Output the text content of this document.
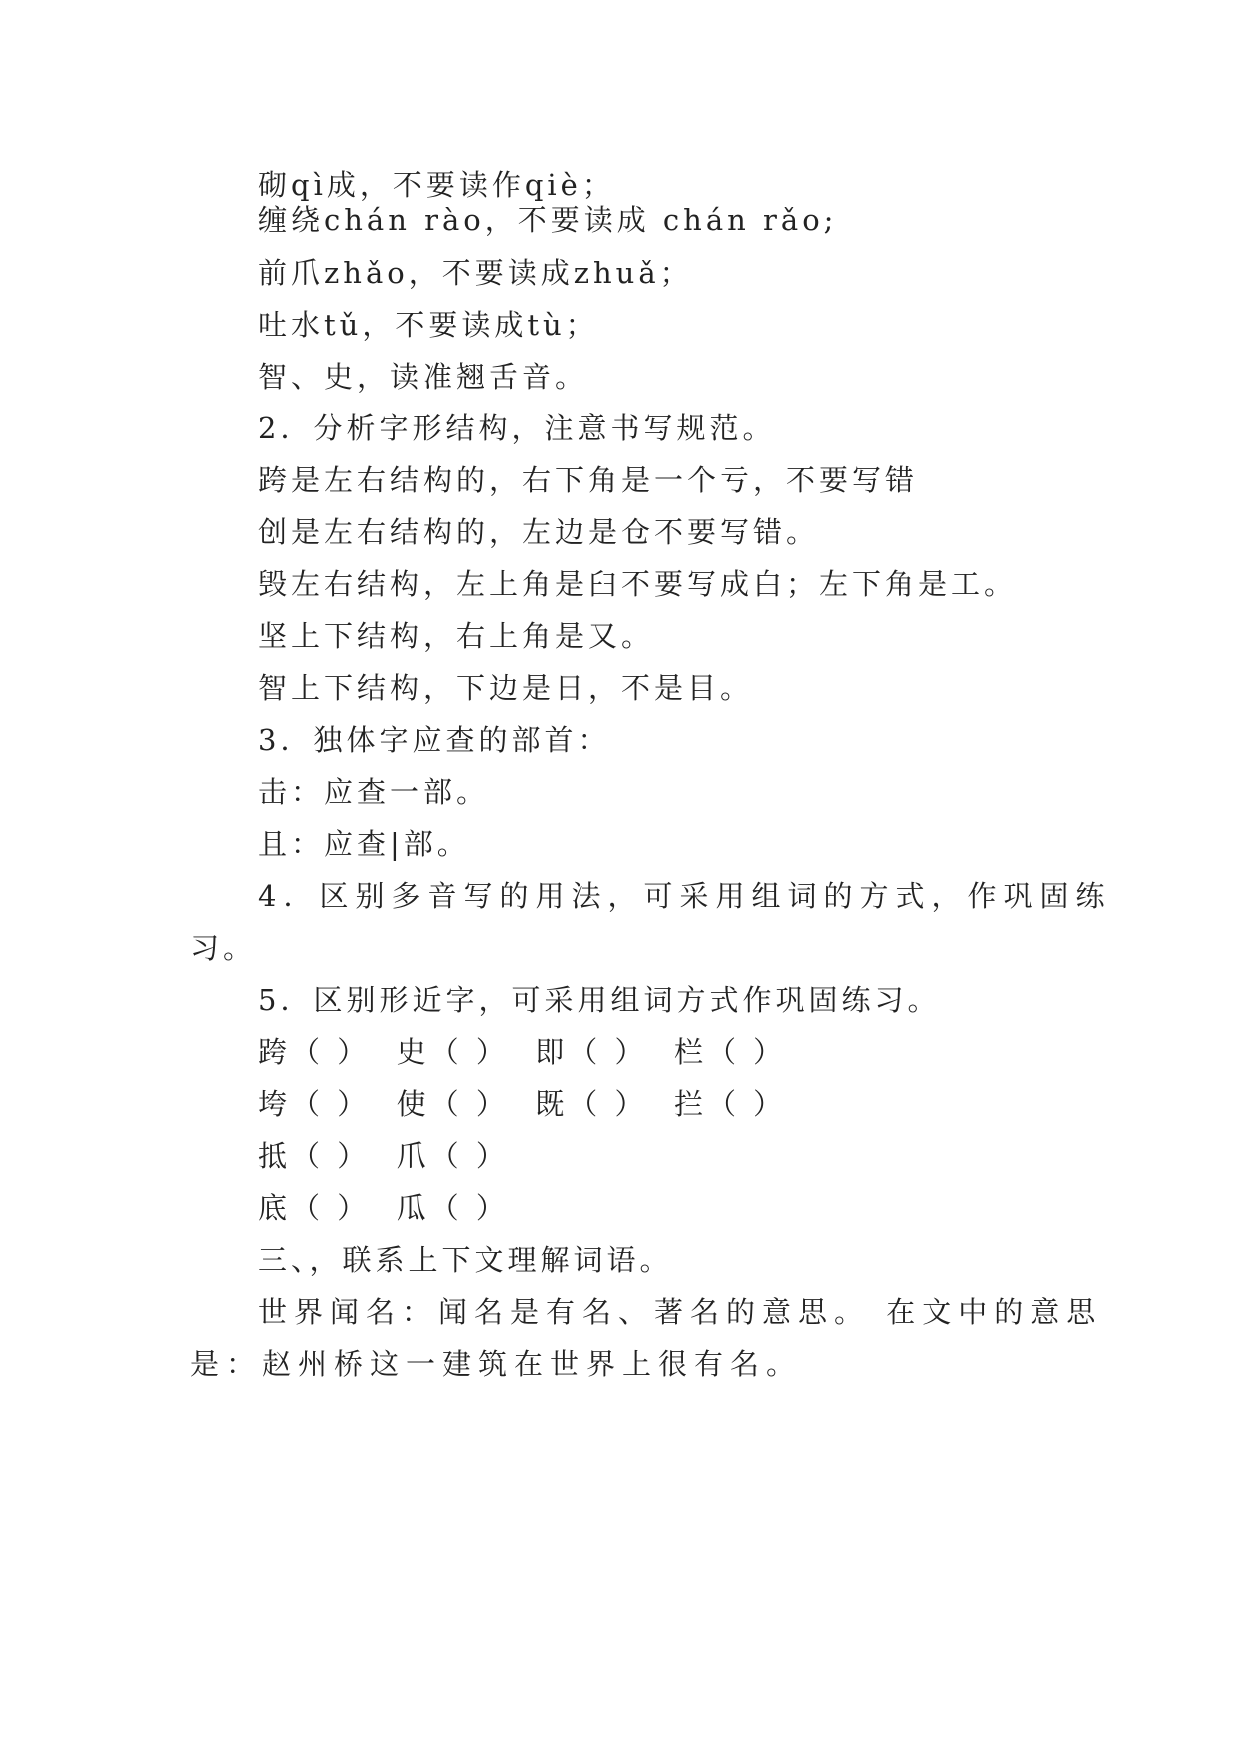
砌qì成，不要读作qiè；
缠绕chán rào，不要读成 chán rǎo;
前爪zhǎo，不要读成zhuǎ；
吐水tǔ，不要读成tù；
智、史，读准翘舌音。
2．分析字形结构，注意书写规范。
跨是左右结构的，右下角是一个亏，不要写错
创是左右结构的，左边是仓不要写错。
毁左右结构，左上角是臼不要写成白；左下角是工。
坚上下结构，右上角是又。
智上下结构，下边是日，不是目。
3．独体字应查的部首：
击：应查一部。
且：应查|部。
4．区别多音写的用法，可采用组词的方式，作巩固练
习。
5．区别形近字，可采用组词方式作巩固练习。
跨（ ）  史（ ）  即（ ）  栏（ ）
垮（ ）  使（ ）  既（ ）  拦（ ）
抵（ ）  爪（ ）
底（ ）  瓜（ ）
三、，联系上下文理解词语。
世界闻名：闻名是有名、著名的意思。 在文中的意思
是：赵州桥这一建筑在世界上很有名。
